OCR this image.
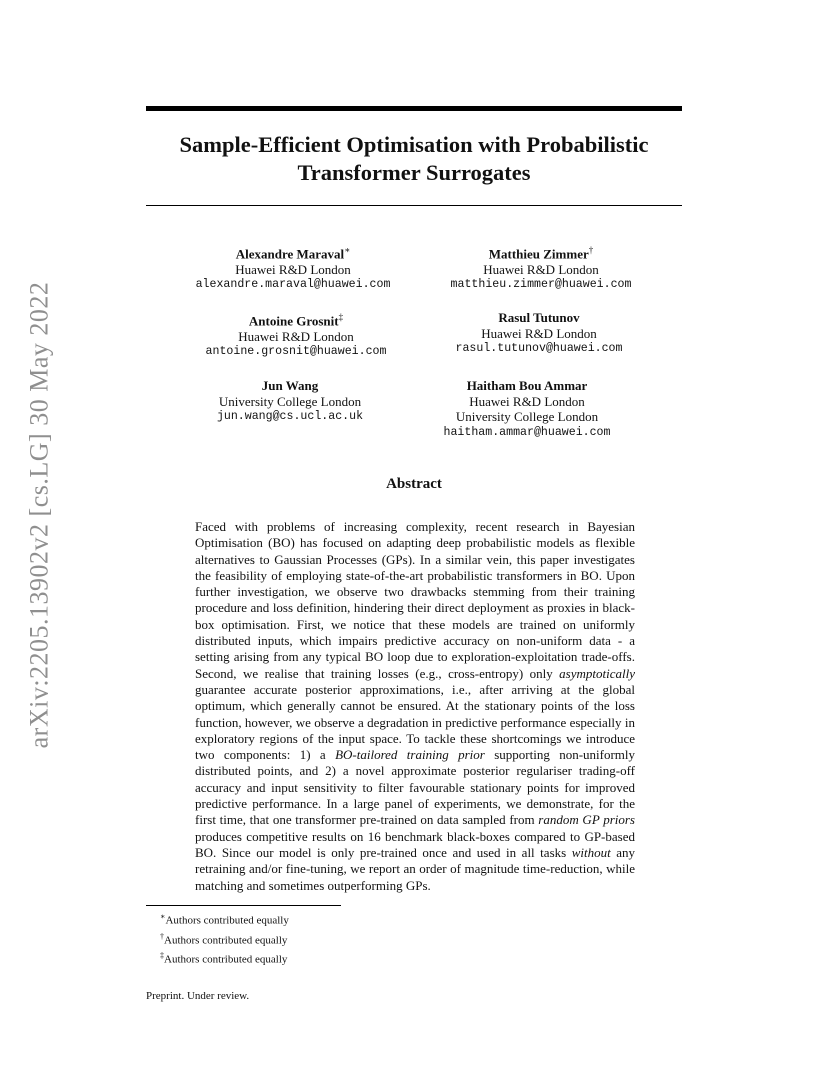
arXiv:2205.13902v2 [cs.LG] 30 May 2022
Sample-Efficient Optimisation with Probabilistic
Transformer Surrogates
Alexandre Maraval∗
Huawei R&D London
alexandre.maraval@huawei.com
Matthieu Zimmer†
Huawei R&D London
matthieu.zimmer@huawei.com
Antoine Grosnit‡
Huawei R&D London
antoine.grosnit@huawei.com
Rasul Tutunov
Huawei R&D London
rasul.tutunov@huawei.com
Jun Wang
University College London
jun.wang@cs.ucl.ac.uk
Haitham Bou Ammar
Huawei R&D London
University College London
haitham.ammar@huawei.com
Abstract

Faced with problems of increasing complexity, recent research in Bayesian Optimisation (BO) has focused on adapting deep probabilistic models as flexible alternatives to Gaussian Processes (GPs). In a similar vein, this paper investigates the feasibility of employing state-of-the-art probabilistic transformers in BO. Upon further investigation, we observe two drawbacks stemming from their training procedure and loss definition, hindering their direct deployment as proxies in black-box optimisation. First, we notice that these models are trained on uniformly distributed inputs, which impairs predictive accuracy on non-uniform data - a setting arising from any typical BO loop due to exploration-exploitation trade-offs. Second, we realise that training losses (e.g., cross-entropy) only asymptotically guarantee accurate posterior approximations, i.e., after arriving at the global optimum, which generally cannot be ensured. At the stationary points of the loss function, however, we observe a degradation in predictive performance especially in exploratory regions of the input space. To tackle these shortcomings we introduce two components: 1) a BO-tailored training prior supporting non-uniformly distributed points, and 2) a novel approximate posterior regulariser trading-off accuracy and input sensitivity to filter favourable stationary points for improved predictive performance. In a large panel of experiments, we demonstrate, for the first time, that one transformer pre-trained on data sampled from random GP priors produces competitive results on 16 benchmark black-boxes compared to GP-based BO. Since our model is only pre-trained once and used in all tasks without any retraining and/or fine-tuning, we report an order of magnitude time-reduction, while matching and sometimes outperforming GPs.

∗Authors contributed equally
†Authors contributed equally
‡Authors contributed equally
Preprint. Under review.
